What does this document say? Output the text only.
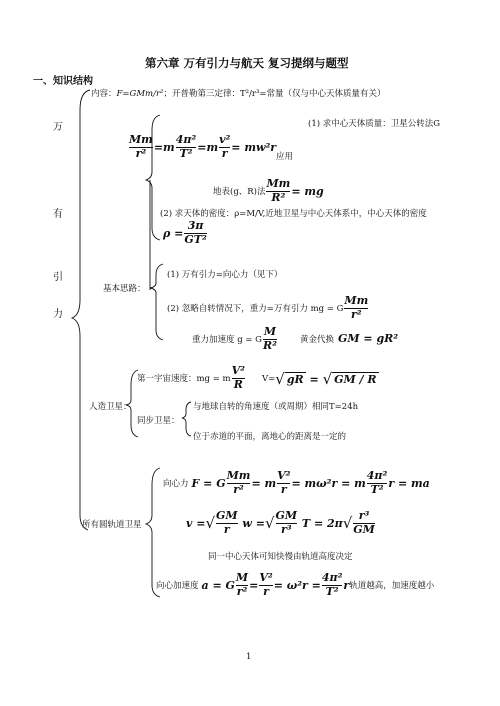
第六章 万有引力与航天 复习提纲与题型
一、知识结构
万
有
引
力
内容：F=GMm/r²；开普勒第三定律：T²/r³=常量（仅与中心天体质量有关）
(1) 求中心天体质量：卫星公转法G
$\frac{Mm}{\text{r²}} = m \frac{\text{4π²}}{\text{T²}} = m \frac{\text{v²}}{r} = mw^2r$
应用
地表(g、R)法 $\frac{Mm}{\text{R²}}$ = mg
(2) 求天体的密度：ρ=M/V,近地卫星与中心天体系中，中心天体的密度
$\rho = \frac{3\pi}{\text{GT²}}$
基本思路：
(1) 万有引力=向心力（见下）
(2) 忽略自转情况下，重力=万有引力 mg = G $\frac{Mm}{\text{r²}}$
重力加速度 g = G $\frac{M}{\text{R²}}$	黄金代换 GM = gR²
人造卫星：
第一宇宙速度：mg = m $\frac{\text{V²}}{R} V=$ √ gR = √ GM / R
同步卫星：
与地球自转的角速度（或周期）相同T=24h
位于赤道的平面，离地心的距离是一定的
所有圆轨道卫星
向心力 F = G $\frac{Mm}{\text{r²}} = m \frac{\text{V²}}{r} = m\omega^2r = m \frac{\text{4π²}}{\text{T²}}$ r = ma
v = √ $\frac{GM}{r}$ w = √ $\frac{GM}{\text{r³}}$ T = 2π √ $\frac{\text{r³}}{GM}$
同一中心天体可知快慢由轨道高度决定
向心加速度 a = G $\frac{M}{\text{r²}} = \frac{\text{V²}}{r} = \omega^2r = \frac{\text{4π²}}{\text{T²}}$ r 轨道越高，加速度越小
1
